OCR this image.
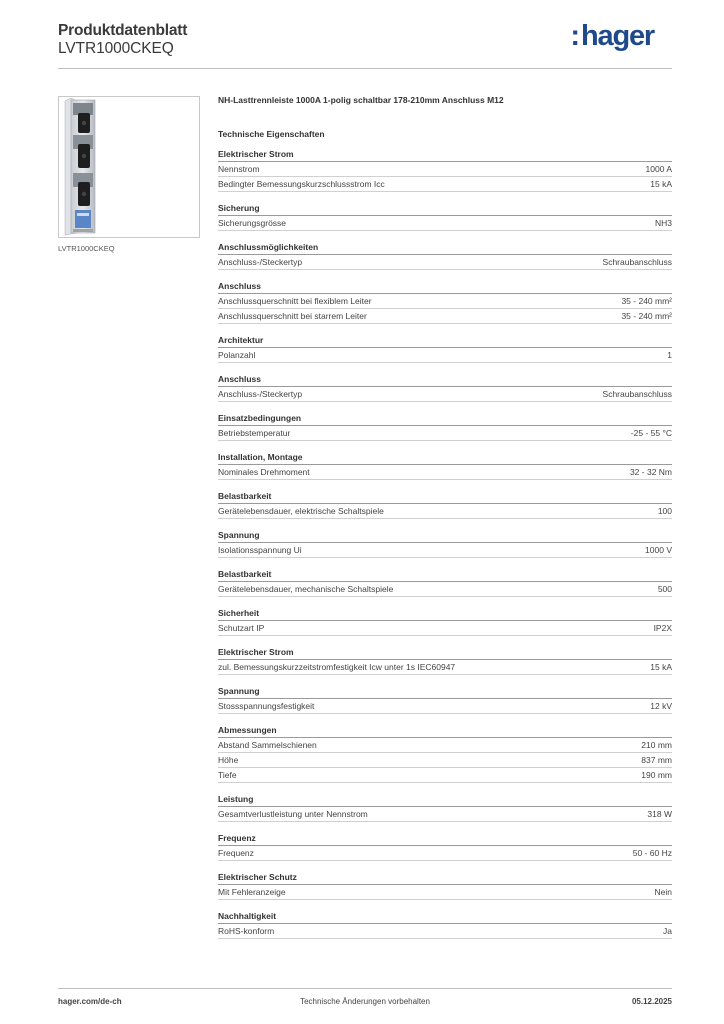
Produktdatenblatt
LVTR1000CKEQ	:hager
LVTR1000CKEQ
NH-Lasttrennleiste 1000A 1-polig schaltbar 178-210mm Anschluss M12
Technische Eigenschaften
Elektrischer Strom
Nennstrom	1000 A
Bedingter Bemessungskurzschlussstrom Icc	15 kA
Sicherung
Sicherungsgrösse	NH3
Anschlussmöglichkeiten
Anschluss-/Steckertyp	Schraubanschluss
Anschluss
Anschlussquerschnitt bei flexiblem Leiter	35 - 240 mm²
Anschlussquerschnitt bei starrem Leiter	35 - 240 mm²
Architektur
Polanzahl	1
Anschluss
Anschluss-/Steckertyp	Schraubanschluss
Einsatzbedingungen
Betriebstemperatur	-25 - 55 °C
Installation, Montage
Nominales Drehmoment	32 - 32 Nm
Belastbarkeit
Gerätelebensdauer, elektrische Schaltspiele	100
Spannung
Isolationsspannung Ui	1000 V
Belastbarkeit
Gerätelebensdauer, mechanische Schaltspiele	500
Sicherheit
Schutzart IP	IP2X
Elektrischer Strom
zul. Bemessungskurzzeitstromfestigkeit Icw unter 1s IEC60947	15 kA
Spannung
Stossspannungsfestigkeit	12 kV
Abmessungen
Abstand Sammelschienen	210 mm
Höhe	837 mm
Tiefe	190 mm
Leistung
Gesamtverlustleistung unter Nennstrom	318 W
Frequenz
Frequenz	50 - 60 Hz
Elektrischer Schutz
Mit Fehleranzeige	Nein
Nachhaltigkeit
RoHS-konform	Ja
hager.com/de-ch	Technische Änderungen vorbehalten	05.12.2025
